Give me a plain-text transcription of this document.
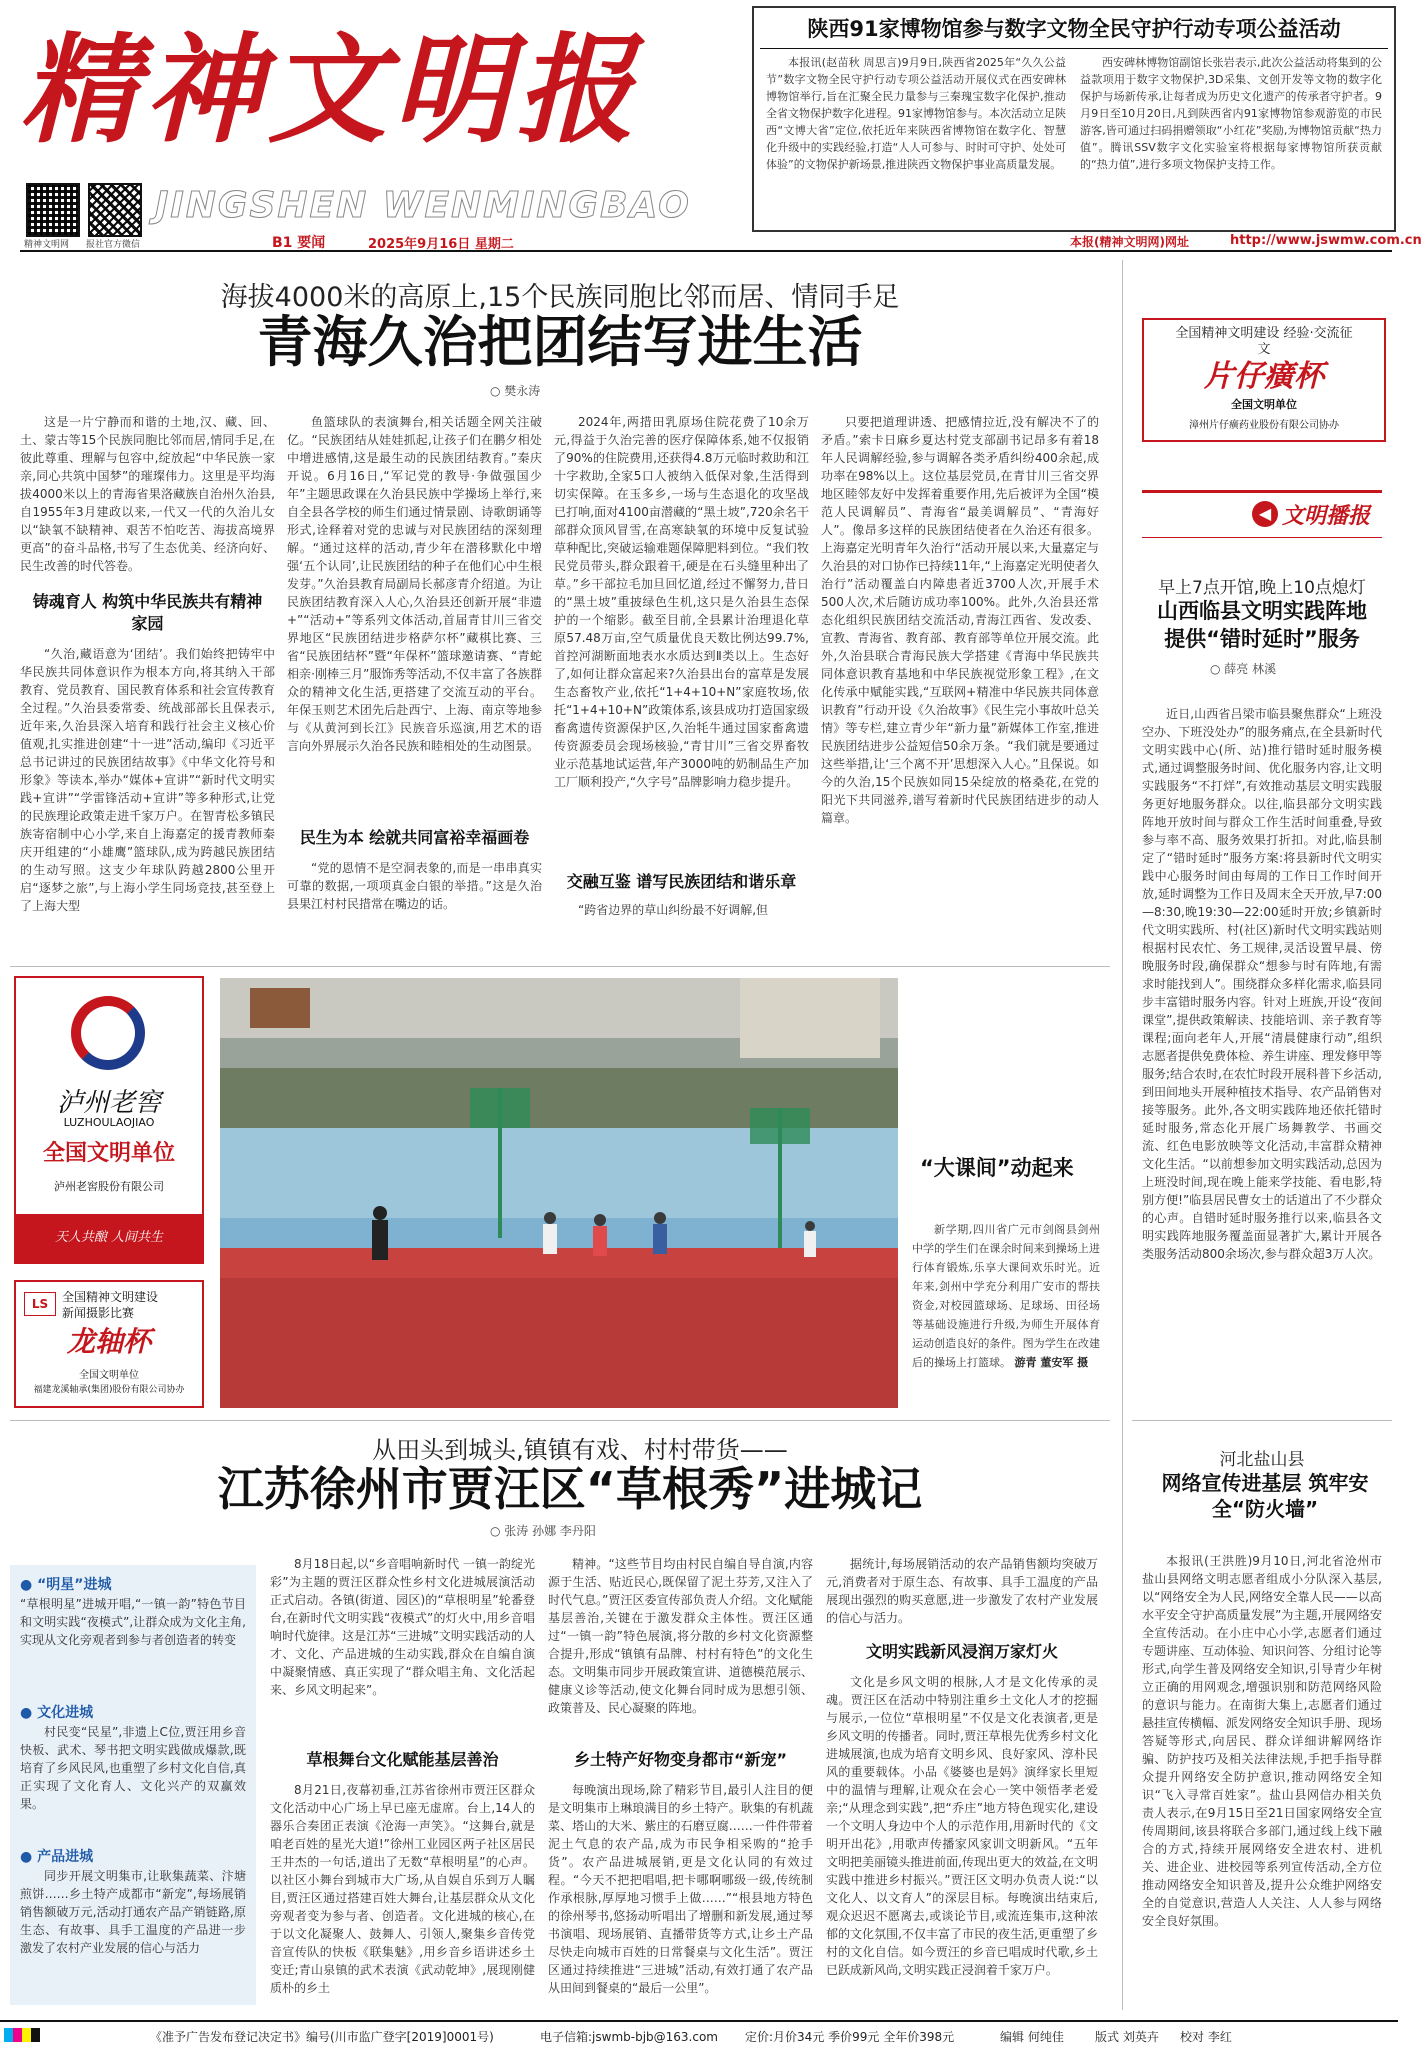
精神文明报
精神文明网 报社官方微信
JINGSHEN WENMINGBAO
陕西91家博物馆参与数字文物全民守护行动专项公益活动
本报讯(赵苗秋 周思言)9月9日,陕西省2025年“久久公益节”数字文物全民守护行动专项公益活动开展仪式在西安碑林博物馆举行,旨在汇聚全民力量参与三秦瑰宝数字化保护,推动全省文物保护数字化进程。91家博物馆参与。本次活动立足陕西“文博大省”定位,依托近年来陕西省博物馆在数字化、智慧化升级中的实践经验,打造“人人可参与、时时可守护、处处可体验”的文物保护新场景,推进陕西文物保护事业高质量发展。
西安碑林博物馆副馆长张岩表示,此次公益活动将集到的公益款项用于数字文物保护,3D采集、文创开发等文物的数字化保护与场新传承,让每者成为历史文化遗产的传承者守护者。9月9日至10月20日,凡到陕西省内91家博物馆参观游览的市民游客,皆可通过扫码捐赠领取“小红花”奖励,为博物馆贡献“热力值”。腾讯SSV数字文化实验室将根据每家博物馆所获贡献的“热力值”,进行多项文物保护支持工作。
B1 要闻	2025年9月16日 星期二	本报(精神文明网)网址	http://www.jswmw.com.cn
海拔4000米的高原上,15个民族同胞比邻而居、情同手足
青海久治把团结写进生活
○ 樊永涛

这是一片宁静而和谐的土地,汉、藏、回、土、蒙古等15个民族同胞比邻而居,情同手足,在彼此尊重、理解与包容中,绽放起“中华民族一家亲,同心共筑中国梦”的璀璨伟力。这里是平均海拔4000米以上的青海省果洛藏族自治州久治县,自1955年3月建政以来,一代又一代的久治儿女以“缺氧不缺精神、艰苦不怕吃苦、海拔高境界更高”的奋斗品格,书写了生态优美、经济向好、民生改善的时代答卷。

铸魂育人 构筑中华民族共有精神家园

“久治,藏语意为‘团结’。我们始终把铸牢中华民族共同体意识作为根本方向,将其纳入干部教育、党员教育、国民教育体系和社会宣传教育全过程。”久治县委常委、统战部部长且保表示,近年来,久治县深入培育和践行社会主义核心价值观,扎实推进创建“十一进”活动,编印《习近平总书记讲过的民族团结故事》《中华文化符号和形象》等读本,举办“媒体+宣讲”“新时代文明实践+宣讲”“学雷锋活动+宣讲”等多种形式,让党的民族理论政策走进千家万户。在智青松多镇民族寄宿制中心小学,来自上海嘉定的援青教师秦庆开组建的“小雄鹰”篮球队,成为跨越民族团结的生动写照。这支少年球队跨越2800公里开启“逐梦之旅”,与上海小学生同场竞技,甚至登上了上海大型

鱼篮球队的表演舞台,相关话题全网关注破亿。“民族团结从娃娃抓起,让孩子们在鹏夕相处中增进感情,这是最生动的民族团结教育。”秦庆开说。6月16日,“军记党的教导·争做强国少年”主题思政课在久治县民族中学操场上举行,来自全县各学校的师生们通过情景剧、诗歌朗诵等形式,诠释着对党的忠诚与对民族团结的深刻理解。“通过这样的活动,青少年在潜移默化中增强‘五个认同’,让民族团结的种子在他们心中生根发芽。”久治县教育局副局长郝彦青介绍道。为让民族团结教育深入人心,久治县还创新开展“非遗+”“活动+”等系列文体活动,首届青甘川三省交界地区“民族团结进步格萨尔杯”藏棋比赛、三省“民族团结杯”暨“年保杯”篮球邀请赛、“青蛇相亲·刚棒三月”服饰秀等活动,不仅丰富了各族群众的精神文化生活,更搭建了交流互动的平台。年保玉则艺术团先后赴西宁、上海、南京等地参与《从黄河到长江》民族音乐巡演,用艺术的语言向外界展示久治各民族和睦相处的生动图景。

民生为本 绘就共同富裕幸福画卷

“党的恩情不是空洞表象的,而是一串串真实可靠的数据,一项项真金白银的举措。”这是久治县果江村村民措常在嘴边的话。

2024年,两措田乳原场住院花费了10余万元,得益于久治完善的医疗保障体系,她不仅报销了90%的住院费用,还获得4.8万元临时救助和江十字救助,全家5口人被纳入低保对象,生活得到切实保障。在玉多乡,一场与生态退化的攻坚战已打响,面对4100亩潜藏的“黑土坡”,720余名干部群众顶风冒雪,在高寒缺氧的环境中反复试验草种配比,突破运输难题保障肥料到位。“我们牧民党员带头,群众跟着干,硬是在石头缝里种出了草。”乡干部拉毛加旦回忆道,经过不懈努力,昔日的“黑土坡”重披绿色生机,这只是久治县生态保护的一个缩影。截至目前,全县累计治理退化草原57.48万亩,空气质量优良天数比例达99.7%,首控河湖断面地表水水质达到Ⅱ类以上。生态好了,如何让群众富起来?久治县出台的富草是发展生态畜牧产业,依托“1+4+10+N”家庭牧场,依托“1+4+10+N”政策体系,该县成功打造国家级畜禽遗传资源保护区,久治牦牛通过国家畜禽遗传资源委员会现场核验,“青甘川”三省交界畜牧业示范基地试运营,年产3000吨的奶制品生产加工厂顺利投产,“久字号”品牌影响力稳步提升。

交融互鉴 谱写民族团结和谐乐章

“跨省边界的草山纠纷最不好调解,但

只要把道理讲透、把感情拉近,没有解决不了的矛盾。”索卡日麻乡夏达村党支部副书记昂多有着18年人民调解经验,参与调解各类矛盾纠纷400余起,成功率在98%以上。这位基层党员,在青甘川三省交界地区睦邻友好中发挥着重要作用,先后被评为全国“模范人民调解员”、青海省“最美调解员”、“青海好人”。像昂多这样的民族团结使者在久治还有很多。上海嘉定光明青年久治行“活动开展以来,大量嘉定与久治县的对口协作已持续11年,“上海嘉定光明使者久治行”活动覆盖白内障患者近3700人次,开展手术500人次,术后随访成功率100%。此外,久治县还常态化组织民族团结交流活动,青海江西省、发改委、宣教、青海省、教育部、教育部等单位开展交流。此外,久治县联合青海民族大学搭建《青海中华民族共同体意识教育基地和中华民族视觉形象工程》,在文化传承中赋能实践,“互联网+精准中华民族共同体意识教育”行动开设《久治故事》《民生完小事故叶总关情》等专栏,建立青少年“新力量”新媒体工作室,推进民族团结进步公益短信50余万条。“我们就是要通过这些举措,让‘三个离不开’思想深入人心。”且保说。如今的久治,15个民族如同15朵绽放的格桑花,在党的阳光下共同滋养,谱写着新时代民族团结进步的动人篇章。

全国精神文明建设 经验·交流征文
片仔癀杯
全国文明单位
漳州片仔癀药业股份有限公司协办
◀ 文明播报
早上7点开馆,晚上10点熄灯
山西临县文明实践阵地提供“错时延时”服务
○ 薛亮 林溪
近日,山西省吕梁市临县聚焦群众“上班没空办、下班没处办”的服务痛点,在全县新时代文明实践中心(所、站)推行错时延时服务模式,通过调整服务时间、优化服务内容,让文明实践服务“不打烊”,有效推动基层文明实践服务更好地服务群众。以往,临县部分文明实践阵地开放时间与群众工作生活时间重叠,导致参与率不高、服务效果打折扣。对此,临县制定了“错时延时”服务方案:将县新时代文明实践中心服务时间由每周的工作日工作时间开放,延时调整为工作日及周末全天开放,早7:00—8:30,晚19:30—22:00延时开放;乡镇新时代文明实践所、村(社区)新时代文明实践站则根据村民农忙、务工规律,灵活设置早晨、傍晚服务时段,确保群众“想参与时有阵地,有需求时能找到人”。围绕群众多样化需求,临县同步丰富错时服务内容。针对上班族,开设“夜间课堂”,提供政策解读、技能培训、亲子教育等课程;面向老年人,开展“清晨健康行动”,组织志愿者提供免费体检、养生讲座、理发修甲等服务;结合农时,在农忙时段开展科普下乡活动,到田间地头开展种植技术指导、农产品销售对接等服务。此外,各文明实践阵地还依托错时延时服务,常态化开展广场舞教学、书画交流、红色电影放映等文化活动,丰富群众精神文化生活。“以前想参加文明实践活动,总因为上班没时间,现在晚上能来学技能、看电影,特别方便!”临县居民曹女士的话道出了不少群众的心声。自错时延时服务推行以来,临县各文明实践阵地服务覆盖面显著扩大,累计开展各类服务活动800余场次,参与群众超3万人次。
河北盐山县
网络宣传进基层 筑牢安全“防火墙”
本报讯(王洪胜)9月10日,河北省沧州市盐山县网络文明志愿者组成小分队深入基层,以“网络安全为人民,网络安全靠人民——以高水平安全守护高质量发展”为主题,开展网络安全宣传活动。在小庄中心小学,志愿者们通过专题讲座、互动体验、知识问答、分组讨论等形式,向学生普及网络安全知识,引导青少年树立正确的用网观念,增强识别和防范网络风险的意识与能力。在南街大集上,志愿者们通过悬挂宣传横幅、派发网络安全知识手册、现场答疑等形式,向居民、群众详细讲解网络诈骗、防护技巧及相关法律法规,手把手指导群众提升网络安全防护意识,推动网络安全知识“飞入寻常百姓家”。盐山县网信办相关负责人表示,在9月15日至21日国家网络安全宣传周期间,该县将联合多部门,通过线上线下融合的方式,持续开展网络安全进农村、进机关、进企业、进校园等系列宣传活动,全方位推动网络安全知识普及,提升公众维护网络安全的自觉意识,营造人人关注、人人参与网络安全良好氛围。
泸州老窖
LUZHOULAOJIAO
全国文明单位
泸州老窖股份有限公司
天人共酿 人间共生
LS	全国精神文明建设
新闻摄影比赛
龙轴杯
全国文明单位
福建龙溪轴承(集团)股份有限公司协办
“大课间”动起来
新学期,四川省广元市剑阁县剑州中学的学生们在课余时间来到操场上进行体育锻炼,乐享大课间欢乐时光。近年来,剑州中学充分利用广安市的帮扶资金,对校园篮球场、足球场、田径场等基础设施进行升级,为师生开展体育运动创造良好的条件。图为学生在改建后的操场上打篮球。 游青 董安军 摄
从田头到城头,镇镇有戏、村村带货——
江苏徐州市贾汪区“草根秀”进城记
○ 张涛 孙娜 李丹阳
● “明星”进城
“草根明星”进城开唱,“一镇一韵”特色节目和文明实践“夜模式”,让群众成为文化主角,实现从文化旁观者到参与者创造者的转变
● 文化进城
村民变“民星”,非遗上C位,贾汪用乡音快板、武术、琴书把文明实践做成爆款,既培育了乡风民风,也重塑了乡村文化自信,真正实现了文化育人、文化兴产的双赢效果。
● 产品进城
同步开展文明集市,让耿集蔬菜、汴塘煎饼……乡土特产成都市“新宠”,每场展销销售额破万元,活动打通农产品产销链路,原生态、有故事、具手工温度的产品进一步激发了农村产业发展的信心与活力

8月18日起,以“乡音唱响新时代 一镇一韵绽光彩”为主题的贾汪区群众性乡村文化进城展演活动正式启动。各镇(街道、园区)的“草根明星”轮番登台,在新时代文明实践“夜模式”的灯火中,用乡音唱响时代旋律。这是江苏“三进城”文明实践活动的人才、文化、产品进城的生动实践,群众在自编自演中凝聚情感、真正实现了“群众唱主角、文化活起来、乡风文明起来”。

草根舞台文化赋能基层善治

8月21日,夜幕初垂,江苏省徐州市贾汪区群众文化活动中心广场上早已座无虚席。台上,14人的器乐合奏团正表演《沧海一声笑》。“这舞台,就是咱老百姓的星光大道!”徐州工业园区两子社区居民王井杰的一句话,道出了无数“草根明星”的心声。以社区小舞台到城市大广场,从自娱自乐到万人瞩目,贾汪区通过搭建百姓大舞台,让基层群众从文化旁观者变为参与者、创造者。文化进城的核心,在于以文化凝聚人、鼓舞人、引领人,聚集乡音传党音宣传队的快板《联集魅》,用乡音乡语讲述乡土变迁;青山泉镇的武术表演《武动乾坤》,展现刚健质朴的乡土

精神。“这些节目均由村民自编自导自演,内容源于生活、贴近民心,既保留了泥土芬芳,又注入了时代气息。”贾汪区委宣传部负责人介绍。文化赋能基层善治,关键在于激发群众主体性。贾汪区通过“一镇一韵”特色展演,将分散的乡村文化资源整合提升,形成“镇镇有品牌、村村有特色”的文化生态。文明集市同步开展政策宣讲、道德模范展示、健康义诊等活动,使文化舞台同时成为思想引领、政策普及、民心凝聚的阵地。

乡土特产好物变身都市“新宠”

每晚演出现场,除了精彩节目,最引人注目的便是文明集市上琳琅满目的乡土特产。耿集的有机蔬菜、塔山的大米、紫庄的石磨豆腐……一件件带着泥土气息的农产品,成为市民争相采购的“抢手货”。农产品进城展销,更是文化认同的有效过程。“今天不把把唱唱,把卡哪啊哪级一级,传统制作承根脉,厚厚地习惯手上做……”“根县地方特色的徐州琴书,悠扬动听唱出了增删和新发展,通过琴书演唱、现场展销、直播带货等方式,让乡土产品尽快走向城市百姓的日常餐桌与文化生活”。贾汪区通过持续推进“三进城”活动,有效打通了农产品从田间到餐桌的“最后一公里”。

据统计,每场展销活动的农产品销售额均突破万元,消费者对于原生态、有故事、具手工温度的产品展现出强烈的购买意愿,进一步激发了农村产业发展的信心与活力。

文明实践新风浸润万家灯火

文化是乡风文明的根脉,人才是文化传承的灵魂。贾汪区在活动中特别注重乡土文化人才的挖掘与展示,一位位“草根明星”不仅是文化表演者,更是乡风文明的传播者。同时,贾汪草根先优秀乡村文化进城展演,也成为培育文明乡风、良好家风、淳朴民风的重要载体。小品《婆婆也是妈》演绎家长里短中的温情与理解,让观众在会心一笑中领悟孝老爱亲;“从理念到实践”,把“乔庄”地方特色现实化,建设一个文明人身边中个人的示范作用,用新时代的《文明开出花》,用歌声传播家风家训文明新风。“五年文明把美丽镜头推进前面,传现出更大的效益,在文明实践中推进乡村振兴。”贾汪区文明办负责人说:“以文化人、以文育人”的深层目标。每晚演出结束后,观众迟迟不愿离去,或谈论节目,或流连集市,这种浓郁的文化氛围,不仅丰富了市民的夜生活,更重塑了乡村的文化自信。如今贾汪的乡音已唱成时代歌,乡土已跃成新风尚,文明实践正浸润着千家万户。

《准予广告发布登记决定书》编号(川市监广登字[2019]0001号)	电子信箱:jswmb-bjb@163.com 定价:月价34元 季价99元 全年价398元	编辑 何纯佳	版式 刘英卉 校对 李红
